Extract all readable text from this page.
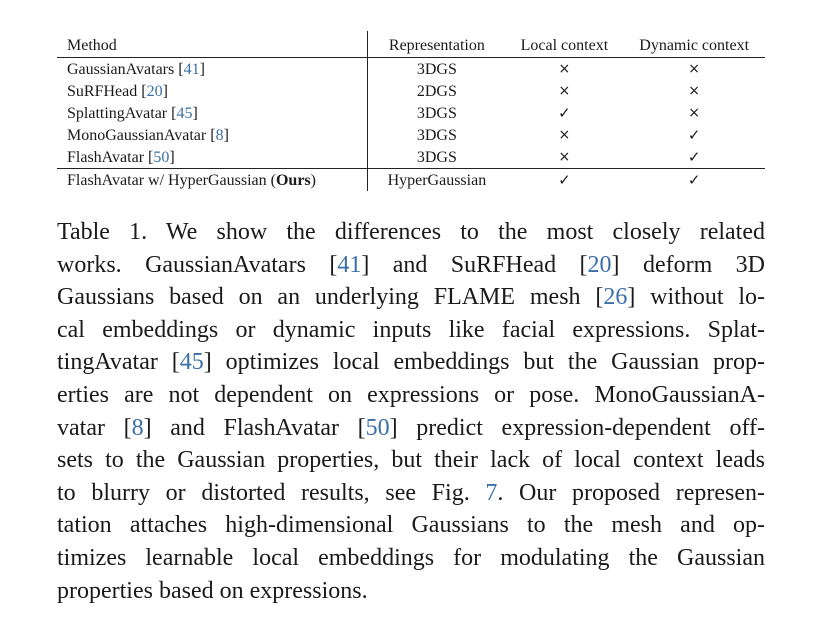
Method	Representation	Local context	Dynamic context
GaussianAvatars [41]	3DGS	×	×
SuRFHead [20]	2DGS	×	×
SplattingAvatar [45]	3DGS	✓	×
MonoGaussianAvatar [8]	3DGS	×	✓
FlashAvatar [50]	3DGS	×	✓
FlashAvatar w/ HyperGaussian (Ours)	HyperGaussian	✓	✓
Table 1. We show the differences to the most closely related
works. GaussianAvatars [41] and SuRFHead [20] deform 3D
Gaussians based on an underlying FLAME mesh [26] without lo-
cal embeddings or dynamic inputs like facial expressions. Splat-
tingAvatar [45] optimizes local embeddings but the Gaussian prop-
erties are not dependent on expressions or pose. MonoGaussianA-
vatar [8] and FlashAvatar [50] predict expression-dependent off-
sets to the Gaussian properties, but their lack of local context leads
to blurry or distorted results, see Fig. 7. Our proposed represen-
tation attaches high-dimensional Gaussians to the mesh and op-
timizes learnable local embeddings for modulating the Gaussian
properties based on expressions.
